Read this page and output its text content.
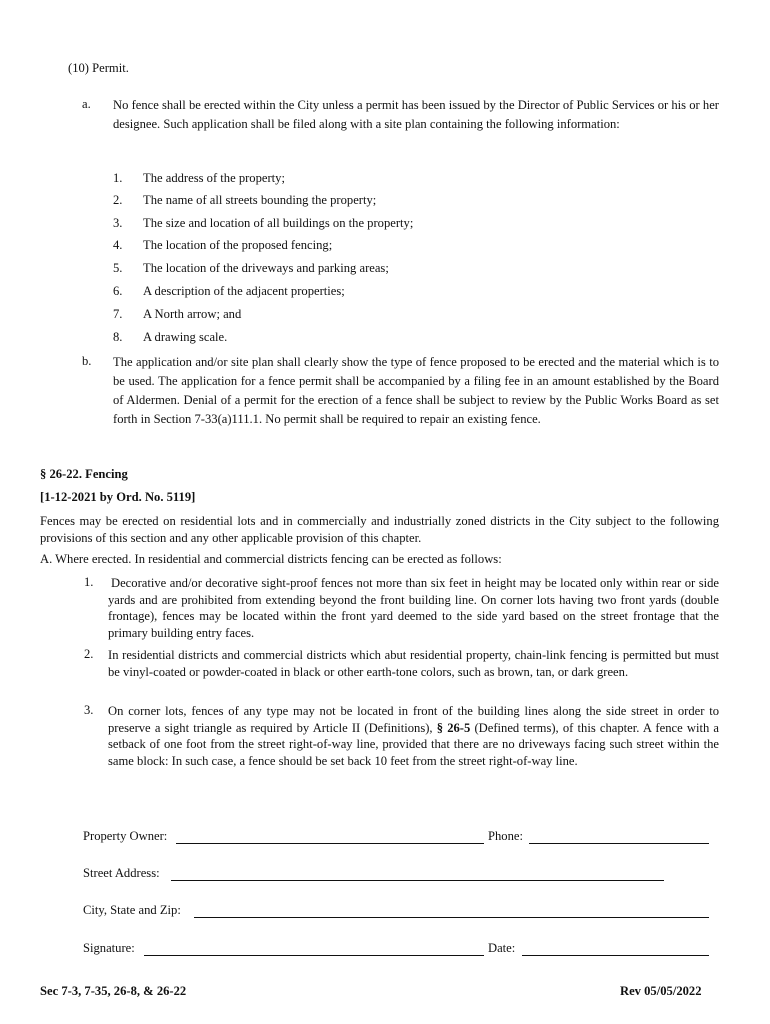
(10) Permit.
a. No fence shall be erected within the City unless a permit has been issued by the Director of Public Services or his or her designee. Such application shall be filed along with a site plan containing the following information:
1. The address of the property;
2. The name of all streets bounding the property;
3. The size and location of all buildings on the property;
4. The location of the proposed fencing;
5. The location of the driveways and parking areas;
6. A description of the adjacent properties;
7. A North arrow; and
8. A drawing scale.
b. The application and/or site plan shall clearly show the type of fence proposed to be erected and the material which is to be used. The application for a fence permit shall be accompanied by a filing fee in an amount established by the Board of Aldermen. Denial of a permit for the erection of a fence shall be subject to review by the Public Works Board as set forth in Section 7-33(a)111.1. No permit shall be required to repair an existing fence.
§ 26-22. Fencing
[1-12-2021 by Ord. No. 5119]
Fences may be erected on residential lots and in commercially and industrially zoned districts in the City subject to the following provisions of this section and any other applicable provision of this chapter.
A. Where erected. In residential and commercial districts fencing can be erected as follows:
1. Decorative and/or decorative sight-proof fences not more than six feet in height may be located only within rear or side yards and are prohibited from extending beyond the front building line. On corner lots having two front yards (double frontage), fences may be located within the front yard deemed to the side yard based on the street frontage that the primary building entry faces.
2. In residential districts and commercial districts which abut residential property, chain-link fencing is permitted but must be vinyl-coated or powder-coated in black or other earth-tone colors, such as brown, tan, or dark green.
3. On corner lots, fences of any type may not be located in front of the building lines along the side street in order to preserve a sight triangle as required by Article II (Definitions), § 26-5 (Defined terms), of this chapter. A fence with a setback of one foot from the street right-of-way line, provided that there are no driveways facing such street within the same block: In such case, a fence should be set back 10 feet from the street right-of-way line.
Property Owner:	Phone:
Street Address:
City, State and Zip:
Signature:	Date:
Sec 7-3, 7-35, 26-8, & 26-22	Rev 05/05/2022
